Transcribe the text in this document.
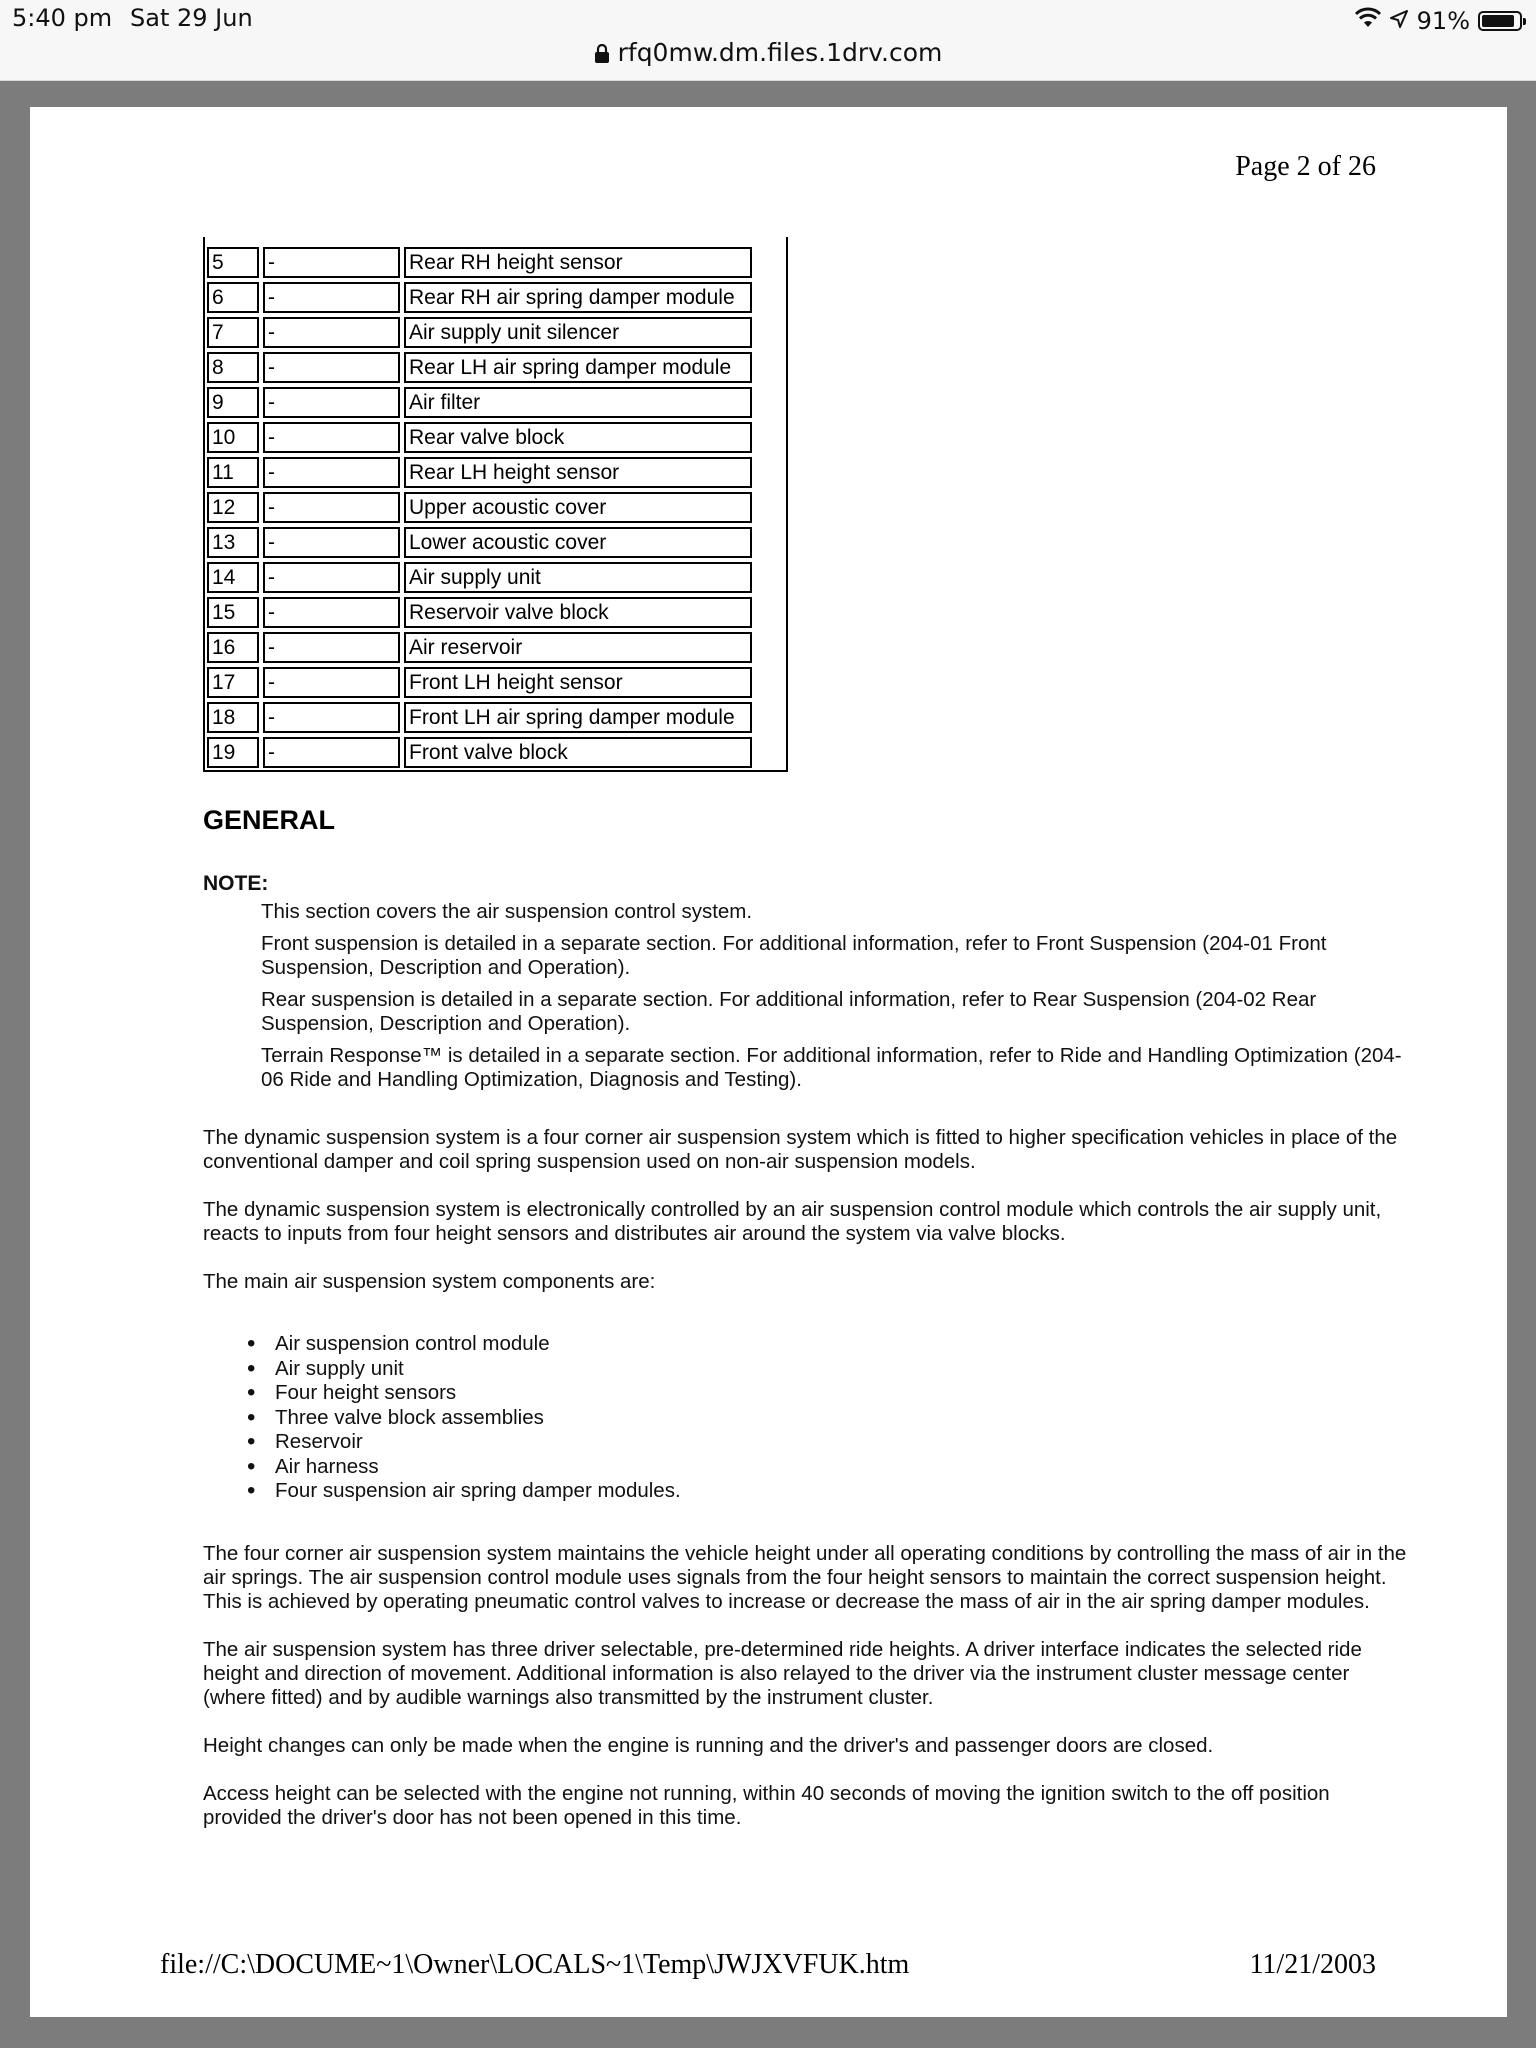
5:40 pm Sat 29 Jun	91%
rfq0mw.dm.files.1drv.com
Page 2 of 26
5	-	Rear RH height sensor
6	-	Rear RH air spring damper module
7	-	Air supply unit silencer
8	-	Rear LH air spring damper module
9	-	Air filter
10	-	Rear valve block
11	-	Rear LH height sensor
12	-	Upper acoustic cover
13	-	Lower acoustic cover
14	-	Air supply unit
15	-	Reservoir valve block
16	-	Air reservoir
17	-	Front LH height sensor
18	-	Front LH air spring damper module
19	-	Front valve block
GENERAL
NOTE:

This section covers the air suspension control system.

Front suspension is detailed in a separate section. For additional information, refer to Front Suspension (204-01 Front Suspension, Description and Operation).

Rear suspension is detailed in a separate section. For additional information, refer to Rear Suspension (204-02 Rear Suspension, Description and Operation).

Terrain Response™ is detailed in a separate section. For additional information, refer to Ride and Handling Optimization (204-06 Ride and Handling Optimization, Diagnosis and Testing).

The dynamic suspension system is a four corner air suspension system which is fitted to higher specification vehicles in place of the conventional damper and coil spring suspension used on non-air suspension models.

The dynamic suspension system is electronically controlled by an air suspension control module which controls the air supply unit, reacts to inputs from four height sensors and distributes air around the system via valve blocks.

The main air suspension system components are:

• Air suspension control module
• Air supply unit
• Four height sensors
• Three valve block assemblies
• Reservoir
• Air harness
• Four suspension air spring damper modules.

The four corner air suspension system maintains the vehicle height under all operating conditions by controlling the mass of air in the air springs. The air suspension control module uses signals from the four height sensors to maintain the correct suspension height. This is achieved by operating pneumatic control valves to increase or decrease the mass of air in the air spring damper modules.

The air suspension system has three driver selectable, pre-determined ride heights. A driver interface indicates the selected ride height and direction of movement. Additional information is also relayed to the driver via the instrument cluster message center (where fitted) and by audible warnings also transmitted by the instrument cluster.

Height changes can only be made when the engine is running and the driver's and passenger doors are closed.

Access height can be selected with the engine not running, within 40 seconds of moving the ignition switch to the off position provided the driver's door has not been opened in this time.

file://C:\DOCUME~1\Owner\LOCALS~1\Temp\JWJXVFUK.htm	11/21/2003
